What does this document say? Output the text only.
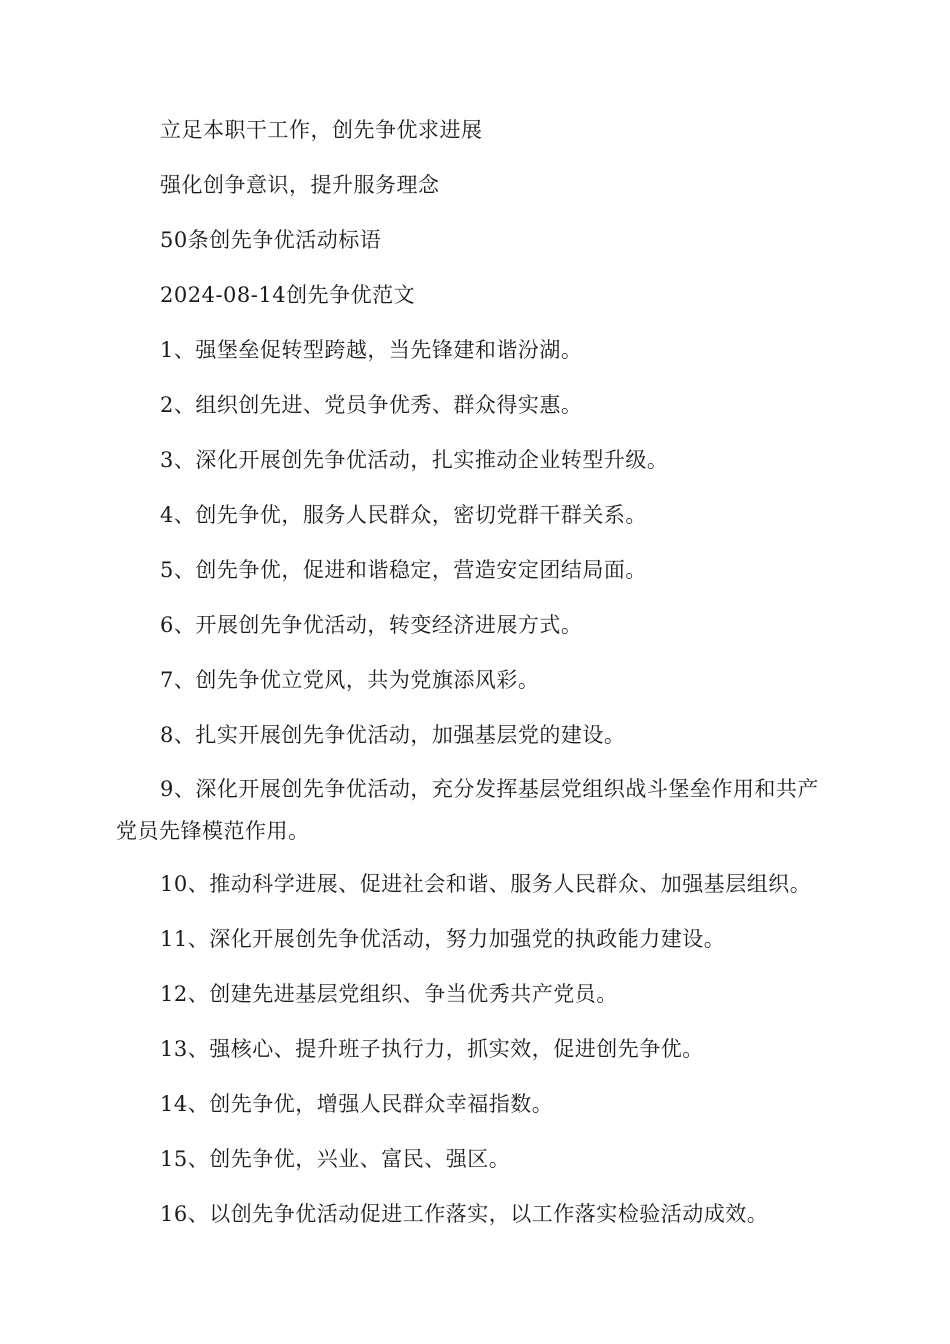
立足本职干工作，创先争优求进展

强化创争意识，提升服务理念

50条创先争优活动标语

2024-08-14创先争优范文

1、强堡垒促转型跨越，当先锋建和谐汾湖。

2、组织创先进、党员争优秀、群众得实惠。

3、深化开展创先争优活动，扎实推动企业转型升级。

4、创先争优，服务人民群众，密切党群干群关系。

5、创先争优，促进和谐稳定，营造安定团结局面。

6、开展创先争优活动，转变经济进展方式。

7、创先争优立党风，共为党旗添风彩。

8、扎实开展创先争优活动，加强基层党的建设。

9、深化开展创先争优活动，充分发挥基层党组织战斗堡垒作用和共产党员先锋模范作用。

10、推动科学进展、促进社会和谐、服务人民群众、加强基层组织。

11、深化开展创先争优活动，努力加强党的执政能力建设。

12、创建先进基层党组织、争当优秀共产党员。

13、强核心、提升班子执行力，抓实效，促进创先争优。

14、创先争优，增强人民群众幸福指数。

15、创先争优，兴业、富民、强区。

16、以创先争优活动促进工作落实，以工作落实检验活动成效。
